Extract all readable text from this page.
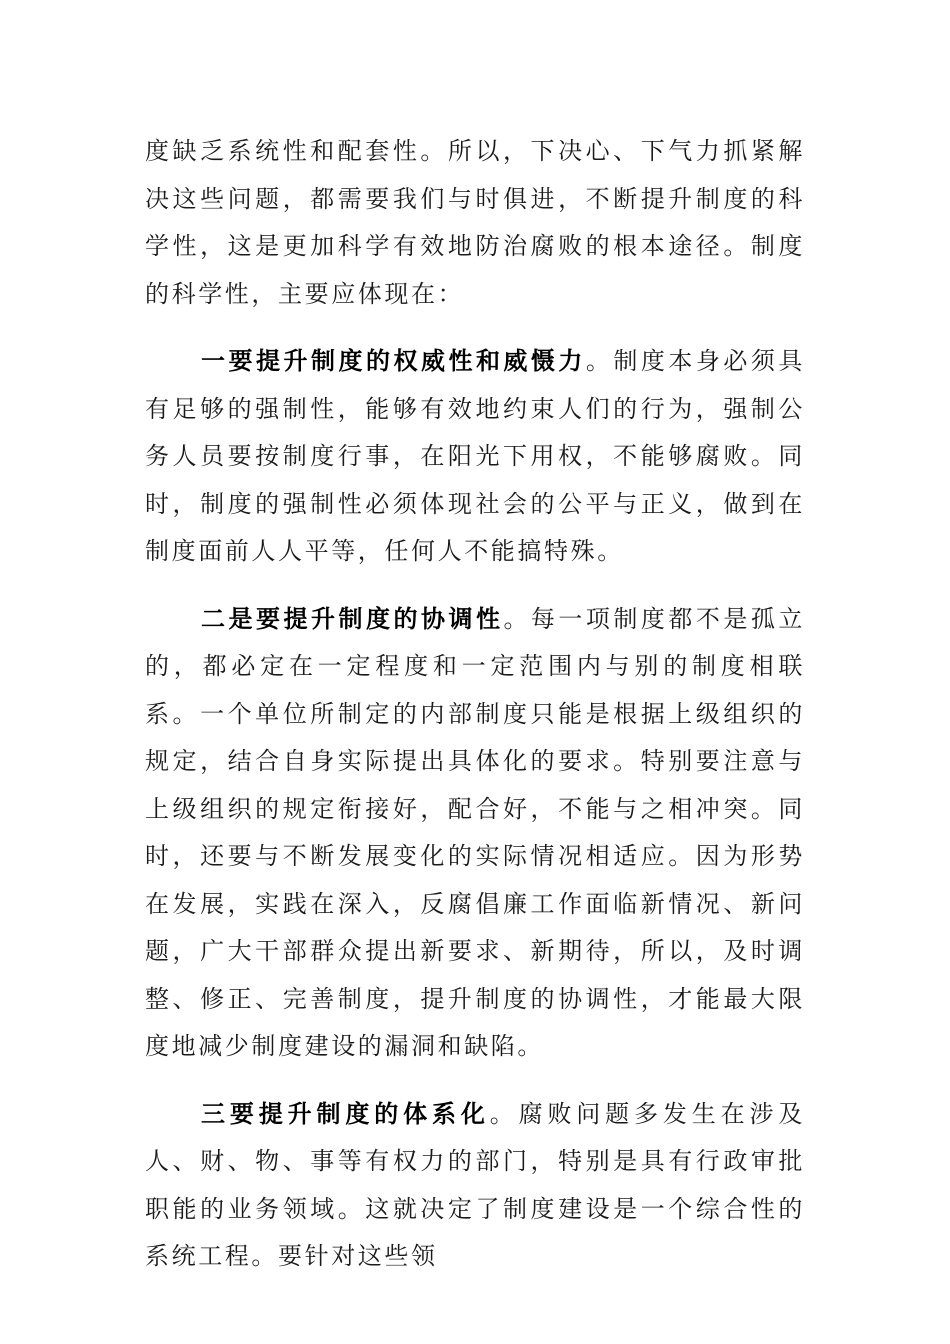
度缺乏系统性和配套性。所以，下决心、下气力抓紧解决这些问题，都需要我们与时俱进，不断提升制度的科学性，这是更加科学有效地防治腐败的根本途径。制度的科学性，主要应体现在：

一要提升制度的权威性和威慑力。制度本身必须具有足够的强制性，能够有效地约束人们的行为，强制公务人员要按制度行事，在阳光下用权，不能够腐败。同时，制度的强制性必须体现社会的公平与正义，做到在制度面前人人平等，任何人不能搞特殊。

二是要提升制度的协调性。每一项制度都不是孤立的，都必定在一定程度和一定范围内与别的制度相联系。一个单位所制定的内部制度只能是根据上级组织的规定，结合自身实际提出具体化的要求。特别要注意与上级组织的规定衔接好，配合好，不能与之相冲突。同时，还要与不断发展变化的实际情况相适应。因为形势在发展，实践在深入，反腐倡廉工作面临新情况、新问题，广大干部群众提出新要求、新期待，所以，及时调整、修正、完善制度，提升制度的协调性，才能最大限度地减少制度建设的漏洞和缺陷。

三要提升制度的体系化。腐败问题多发生在涉及人、财、物、事等有权力的部门，特别是具有行政审批职能的业务领域。这就决定了制度建设是一个综合性的系统工程。要针对这些领
